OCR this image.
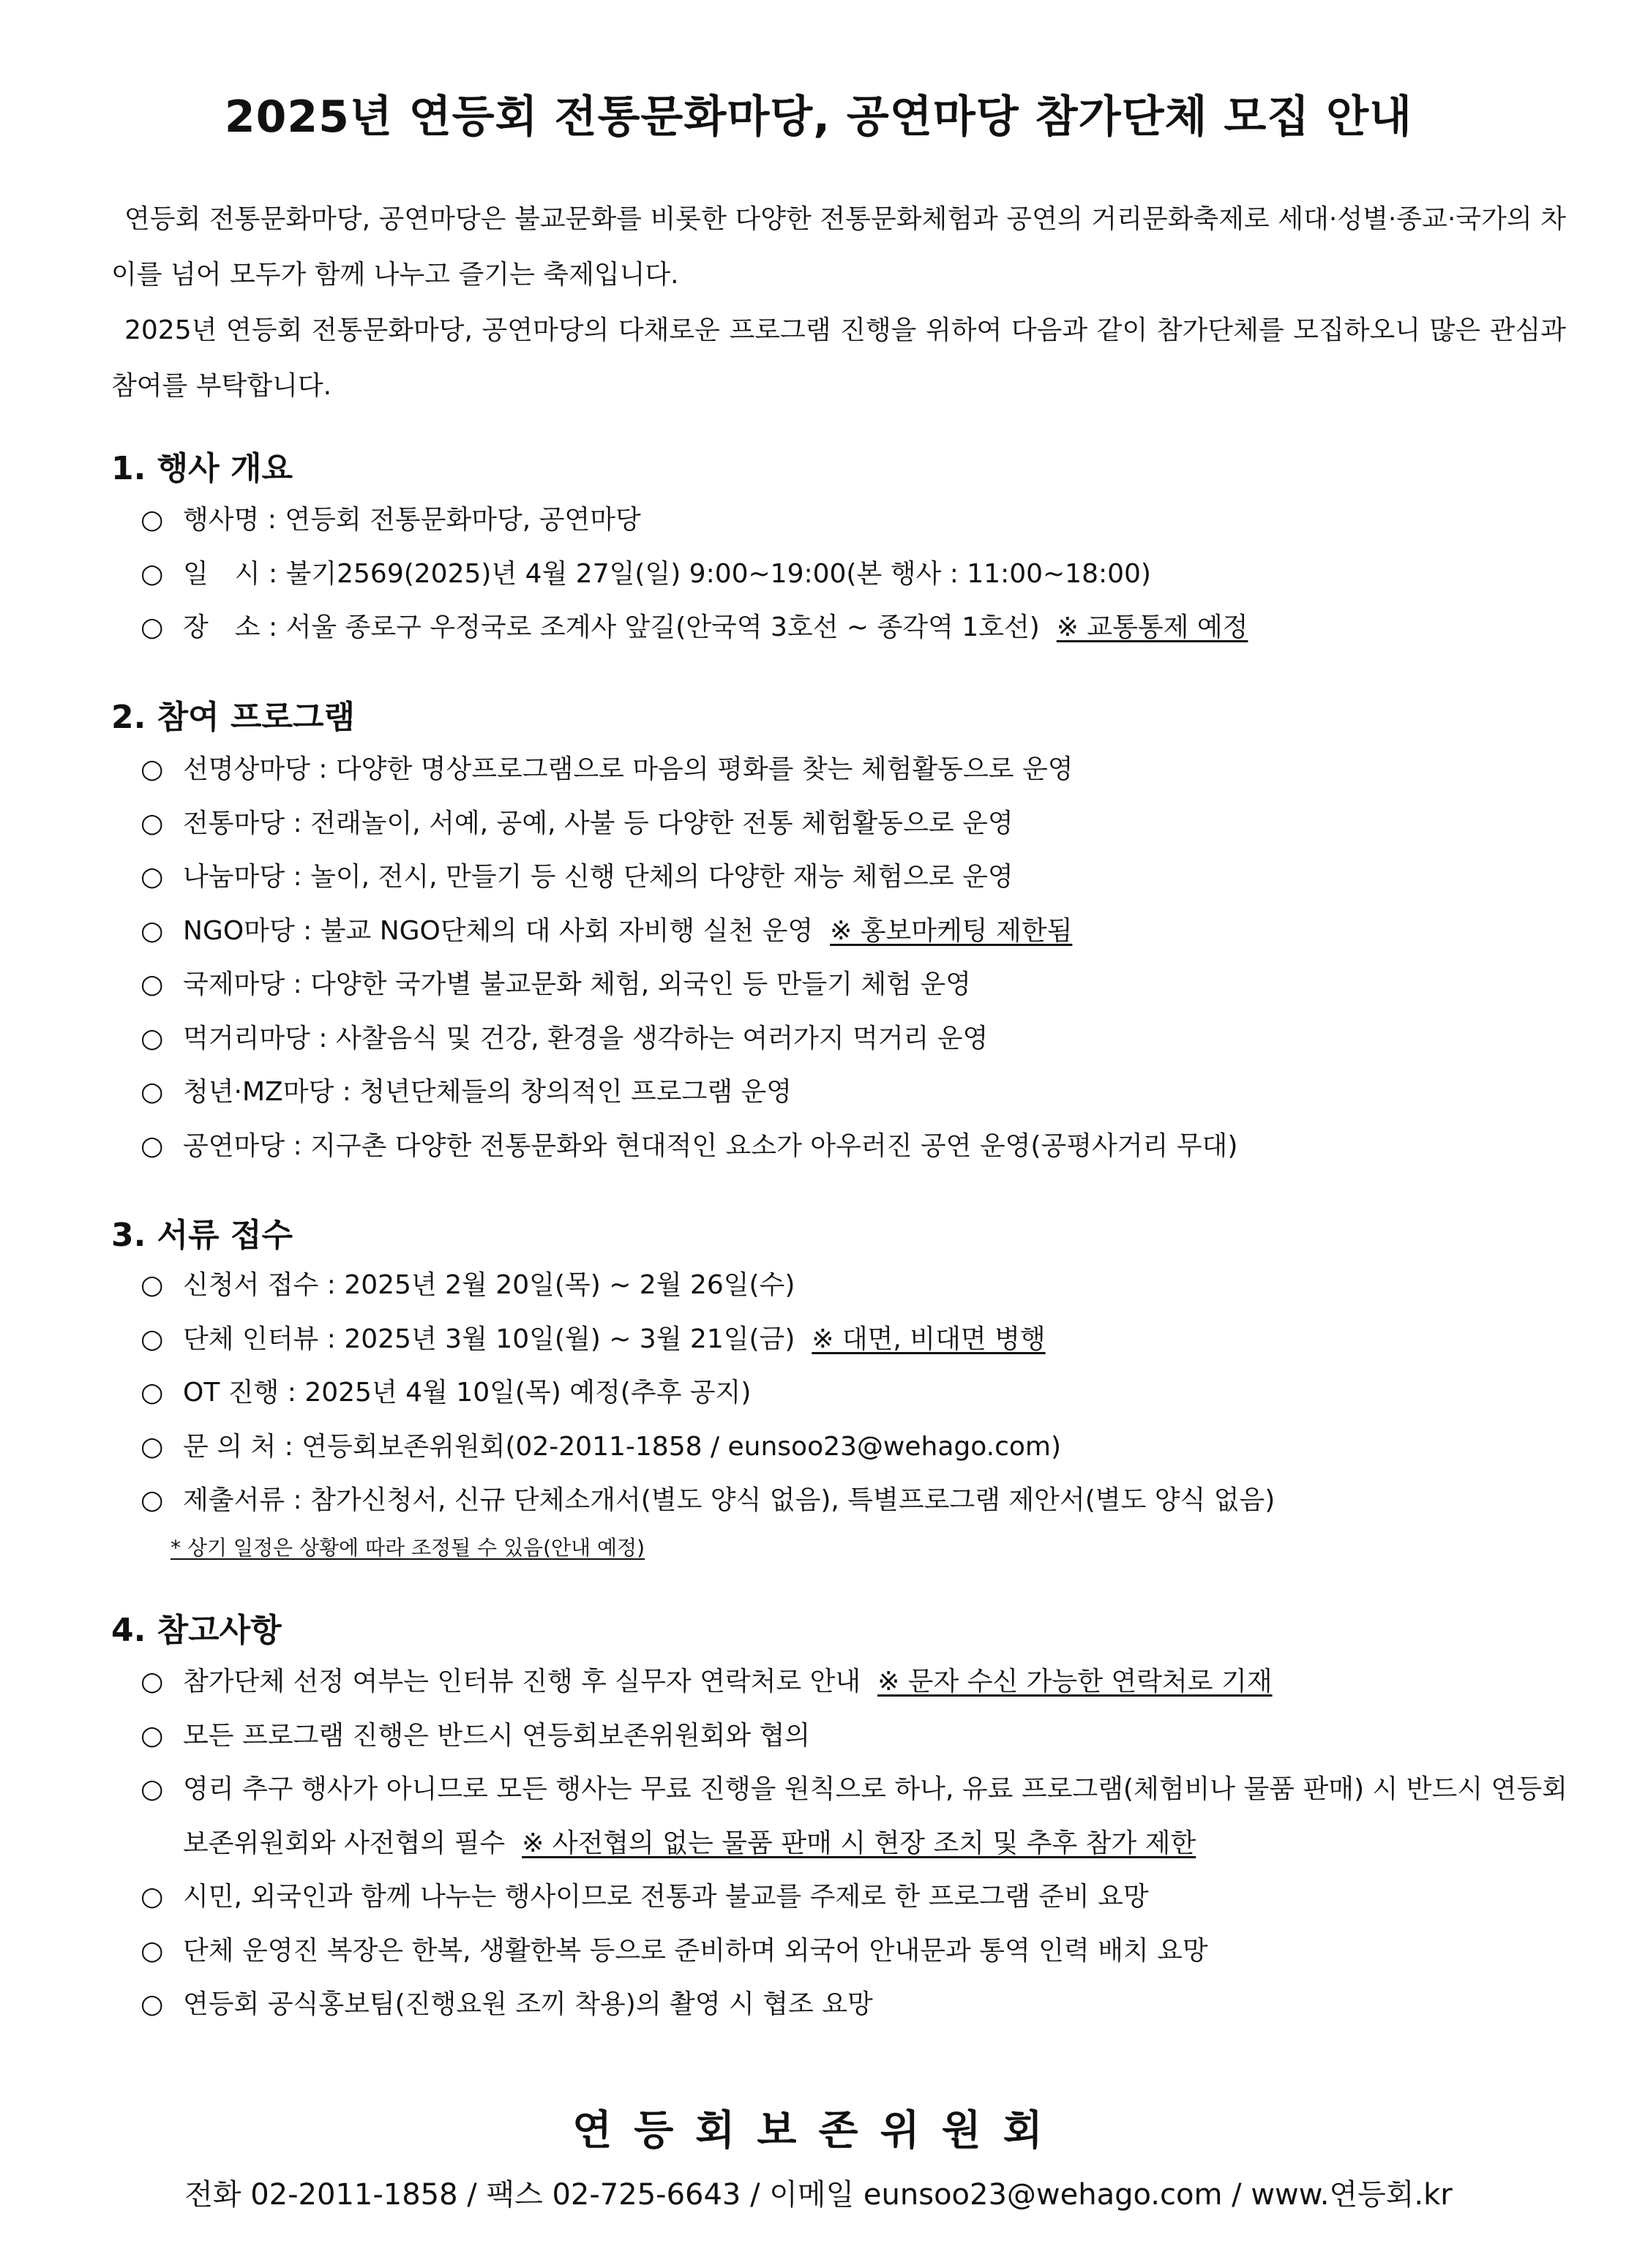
2025년 연등회 전통문화마당, 공연마당 참가단체 모집 안내

연등회 전통문화마당, 공연마당은 불교문화를 비롯한 다양한 전통문화체험과 공연의 거리문화축제로 세대·성별·종교·국가의 차이를 넘어 모두가 함께 나누고 즐기는 축제입니다.

2025년 연등회 전통문화마당, 공연마당의 다채로운 프로그램 진행을 위하여 다음과 같이 참가단체를 모집하오니 많은 관심과 참여를 부탁합니다.

1. 행사 개요
○ 행사명 : 연등회 전통문화마당, 공연마당
○ 일　시 : 불기2569(2025)년 4월 27일(일) 9:00~19:00(본 행사 : 11:00~18:00)
○ 장　소 : 서울 종로구 우정국로 조계사 앞길(안국역 3호선 ~ 종각역 1호선) ※ 교통통제 예정
2. 참여 프로그램
○ 선명상마당 : 다양한 명상프로그램으로 마음의 평화를 찾는 체험활동으로 운영
○ 전통마당 : 전래놀이, 서예, 공예, 사불 등 다양한 전통 체험활동으로 운영
○ 나눔마당 : 놀이, 전시, 만들기 등 신행 단체의 다양한 재능 체험으로 운영
○ NGO마당 : 불교 NGO단체의 대 사회 자비행 실천 운영 ※ 홍보마케팅 제한됨
○ 국제마당 : 다양한 국가별 불교문화 체험, 외국인 등 만들기 체험 운영
○ 먹거리마당 : 사찰음식 및 건강, 환경을 생각하는 여러가지 먹거리 운영
○ 청년·MZ마당 : 청년단체들의 창의적인 프로그램 운영
○ 공연마당 : 지구촌 다양한 전통문화와 현대적인 요소가 아우러진 공연 운영(공평사거리 무대)
3. 서류 접수
○ 신청서 접수 : 2025년 2월 20일(목) ~ 2월 26일(수)
○ 단체 인터뷰 : 2025년 3월 10일(월) ~ 3월 21일(금) ※ 대면, 비대면 병행
○ OT 진행 : 2025년 4월 10일(목) 예정(추후 공지)
○ 문 의 처 : 연등회보존위원회(02-2011-1858 / eunsoo23@wehago.com)
○ 제출서류 : 참가신청서, 신규 단체소개서(별도 양식 없음), 특별프로그램 제안서(별도 양식 없음)
* 상기 일정은 상황에 따라 조정될 수 있음(안내 예정)
4. 참고사항
○ 참가단체 선정 여부는 인터뷰 진행 후 실무자 연락처로 안내 ※ 문자 수신 가능한 연락처로 기재
○ 모든 프로그램 진행은 반드시 연등회보존위원회와 협의
○ 영리 추구 행사가 아니므로 모든 행사는 무료 진행을 원칙으로 하나, 유료 프로그램(체험비나 물품 판매) 시 반드시 연등회보존위원회와 사전협의 필수 ※ 사전협의 없는 물품 판매 시 현장 조치 및 추후 참가 제한
○ 시민, 외국인과 함께 나누는 행사이므로 전통과 불교를 주제로 한 프로그램 준비 요망
○ 단체 운영진 복장은 한복, 생활한복 등으로 준비하며 외국어 안내문과 통역 인력 배치 요망
○ 연등회 공식홍보팀(진행요원 조끼 착용)의 촬영 시 협조 요망
연등회보존위원회
전화 02-2011-1858 / 팩스 02-725-6643 / 이메일 eunsoo23@wehago.com / www.연등회.kr
